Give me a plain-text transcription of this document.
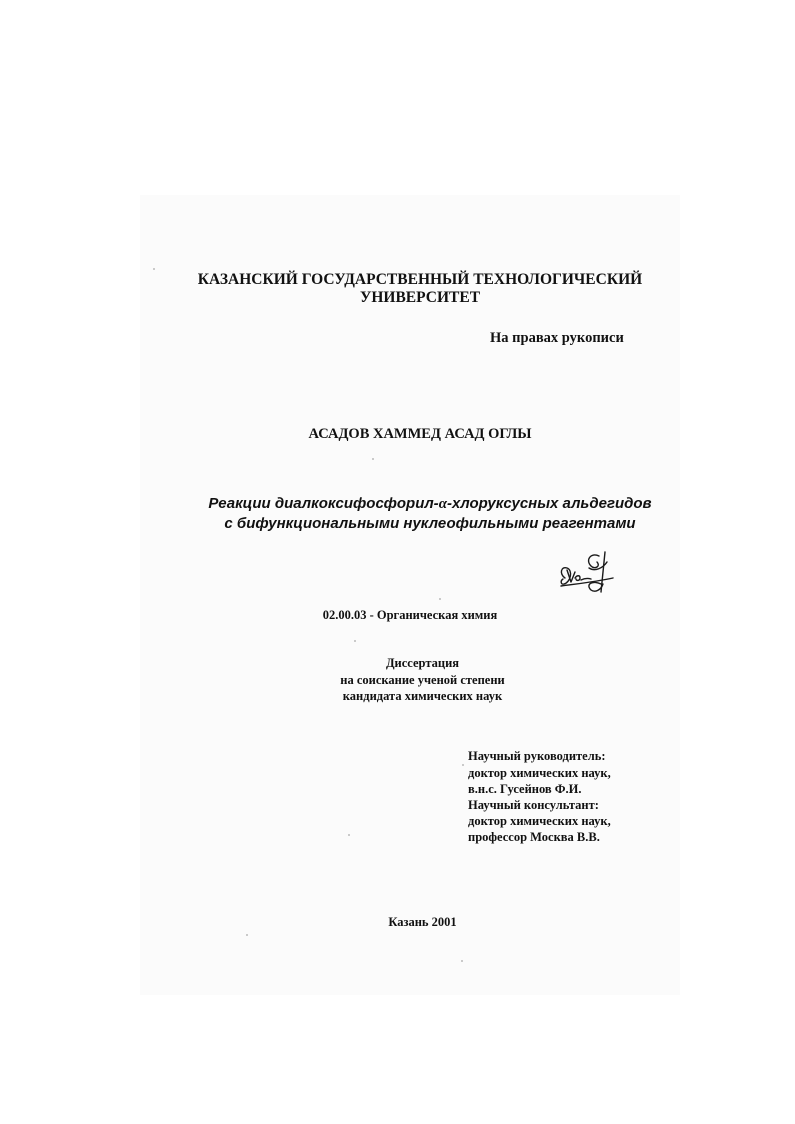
КАЗАНСКИЙ ГОСУДАРСТВЕННЫЙ ТЕХНОЛОГИЧЕСКИЙ
УНИВЕРСИТЕТ
На правах рукописи
АСАДОВ ХАММЕД АСАД ОГЛЫ
Реакции диалкоксифосфорил-α-хлоруксусных альдегидов
с бифункциональными нуклеофильными реагентами
02.00.03 - Органическая химия
Диссертация
на соискание ученой степени
кандидата химических наук
Научный руководитель:
доктор химических наук,
в.н.с. Гусейнов Ф.И.
Научный консультант:
доктор химических наук,
профессор Москва В.В.
Казань 2001
